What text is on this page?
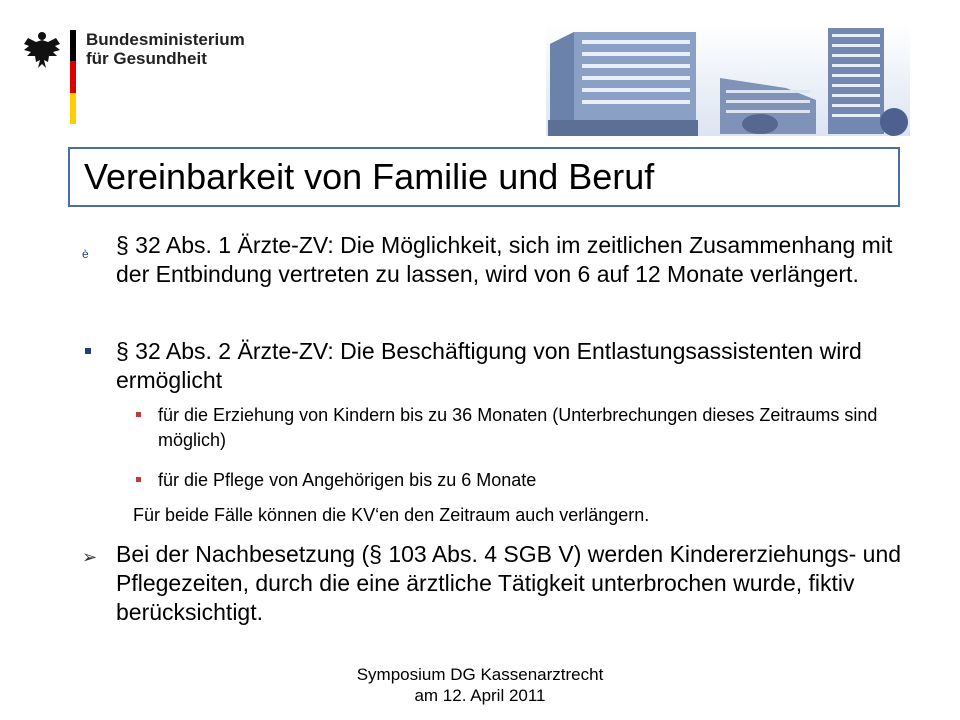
Bundesministerium
für Gesundheit
Vereinbarkeit von Familie und Beruf
è § 32 Abs. 1 Ärzte-ZV: Die Möglichkeit, sich im zeitlichen Zusammenhang mit der Entbindung vertreten zu lassen, wird von 6 auf 12 Monate verlängert.
§ 32 Abs. 2 Ärzte-ZV: Die Beschäftigung von Entlastungsassistenten wird ermöglicht
für die Erziehung von Kindern bis zu 36 Monaten (Unterbrechungen dieses Zeitraums sind möglich)
für die Pflege von Angehörigen bis zu 6 Monate
Für beide Fälle können die KV‘en den Zeitraum auch verlängern.
➢ Bei der Nachbesetzung (§ 103 Abs. 4 SGB V) werden Kindererziehungs- und Pflegezeiten, durch die eine ärztliche Tätigkeit unterbrochen wurde, fiktiv berücksichtigt.
Symposium DG Kassenarztrecht
am 12. April 2011
